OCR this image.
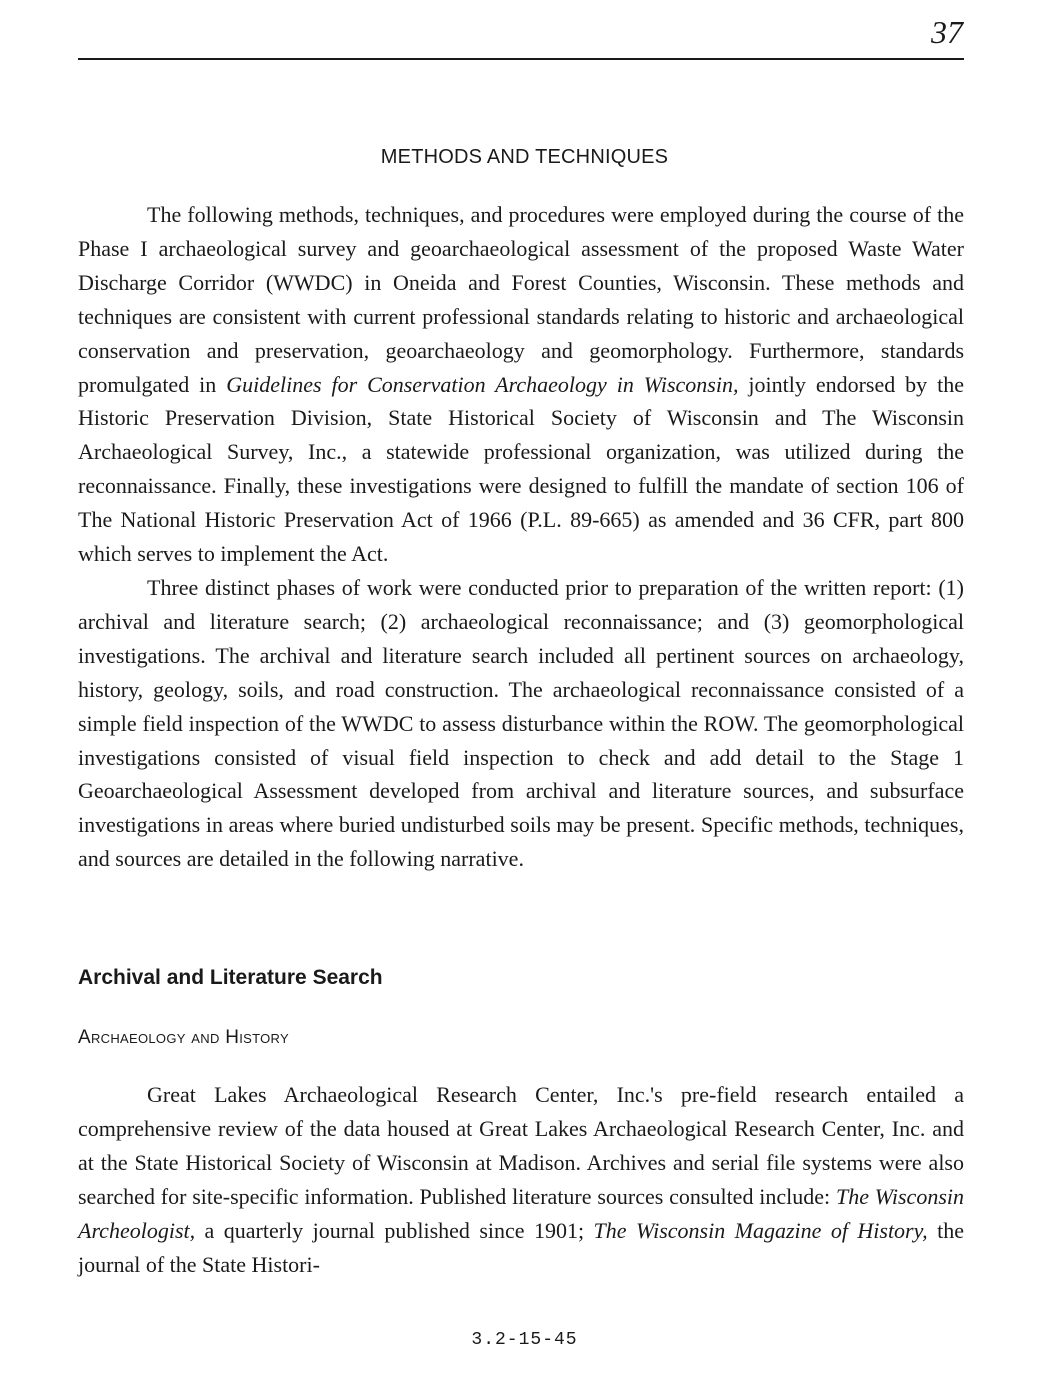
37
METHODS AND TECHNIQUES

The following methods, techniques, and procedures were employed during the course of the Phase I archaeological survey and geoarchaeological assessment of the proposed Waste Water Discharge Corridor (WWDC) in Oneida and Forest Counties, Wisconsin. These methods and techniques are consistent with current professional standards relating to historic and archaeological conservation and preservation, geoarchaeology and geomorphology. Furthermore, standards promulgated in Guidelines for Conservation Archaeology in Wisconsin, jointly endorsed by the Historic Preservation Division, State Historical Society of Wisconsin and The Wisconsin Archaeological Survey, Inc., a statewide professional organization, was utilized during the reconnaissance. Finally, these investigations were designed to fulfill the mandate of section 106 of The National Historic Preservation Act of 1966 (P.L. 89-665) as amended and 36 CFR, part 800 which serves to implement the Act.

Three distinct phases of work were conducted prior to preparation of the written report: (1) archival and literature search; (2) archaeological reconnaissance; and (3) geomorphological investigations. The archival and literature search included all pertinent sources on archaeology, history, geology, soils, and road construction. The archaeological reconnaissance consisted of a simple field inspection of the WWDC to assess disturbance within the ROW. The geomorphological investigations consisted of visual field inspection to check and add detail to the Stage 1 Geoarchaeological Assessment developed from archival and literature sources, and subsurface investigations in areas where buried undisturbed soils may be present. Specific methods, techniques, and sources are detailed in the following narrative.

Archival and Literature Search
Archaeology and History

Great Lakes Archaeological Research Center, Inc.'s pre-field research entailed a comprehensive review of the data housed at Great Lakes Archaeological Research Center, Inc. and at the State Historical Society of Wisconsin at Madison. Archives and serial file systems were also searched for site-specific information. Published literature sources consulted include: The Wisconsin Archeologist, a quarterly journal published since 1901; The Wisconsin Magazine of History, the journal of the State Histori-

3.2-15-45
